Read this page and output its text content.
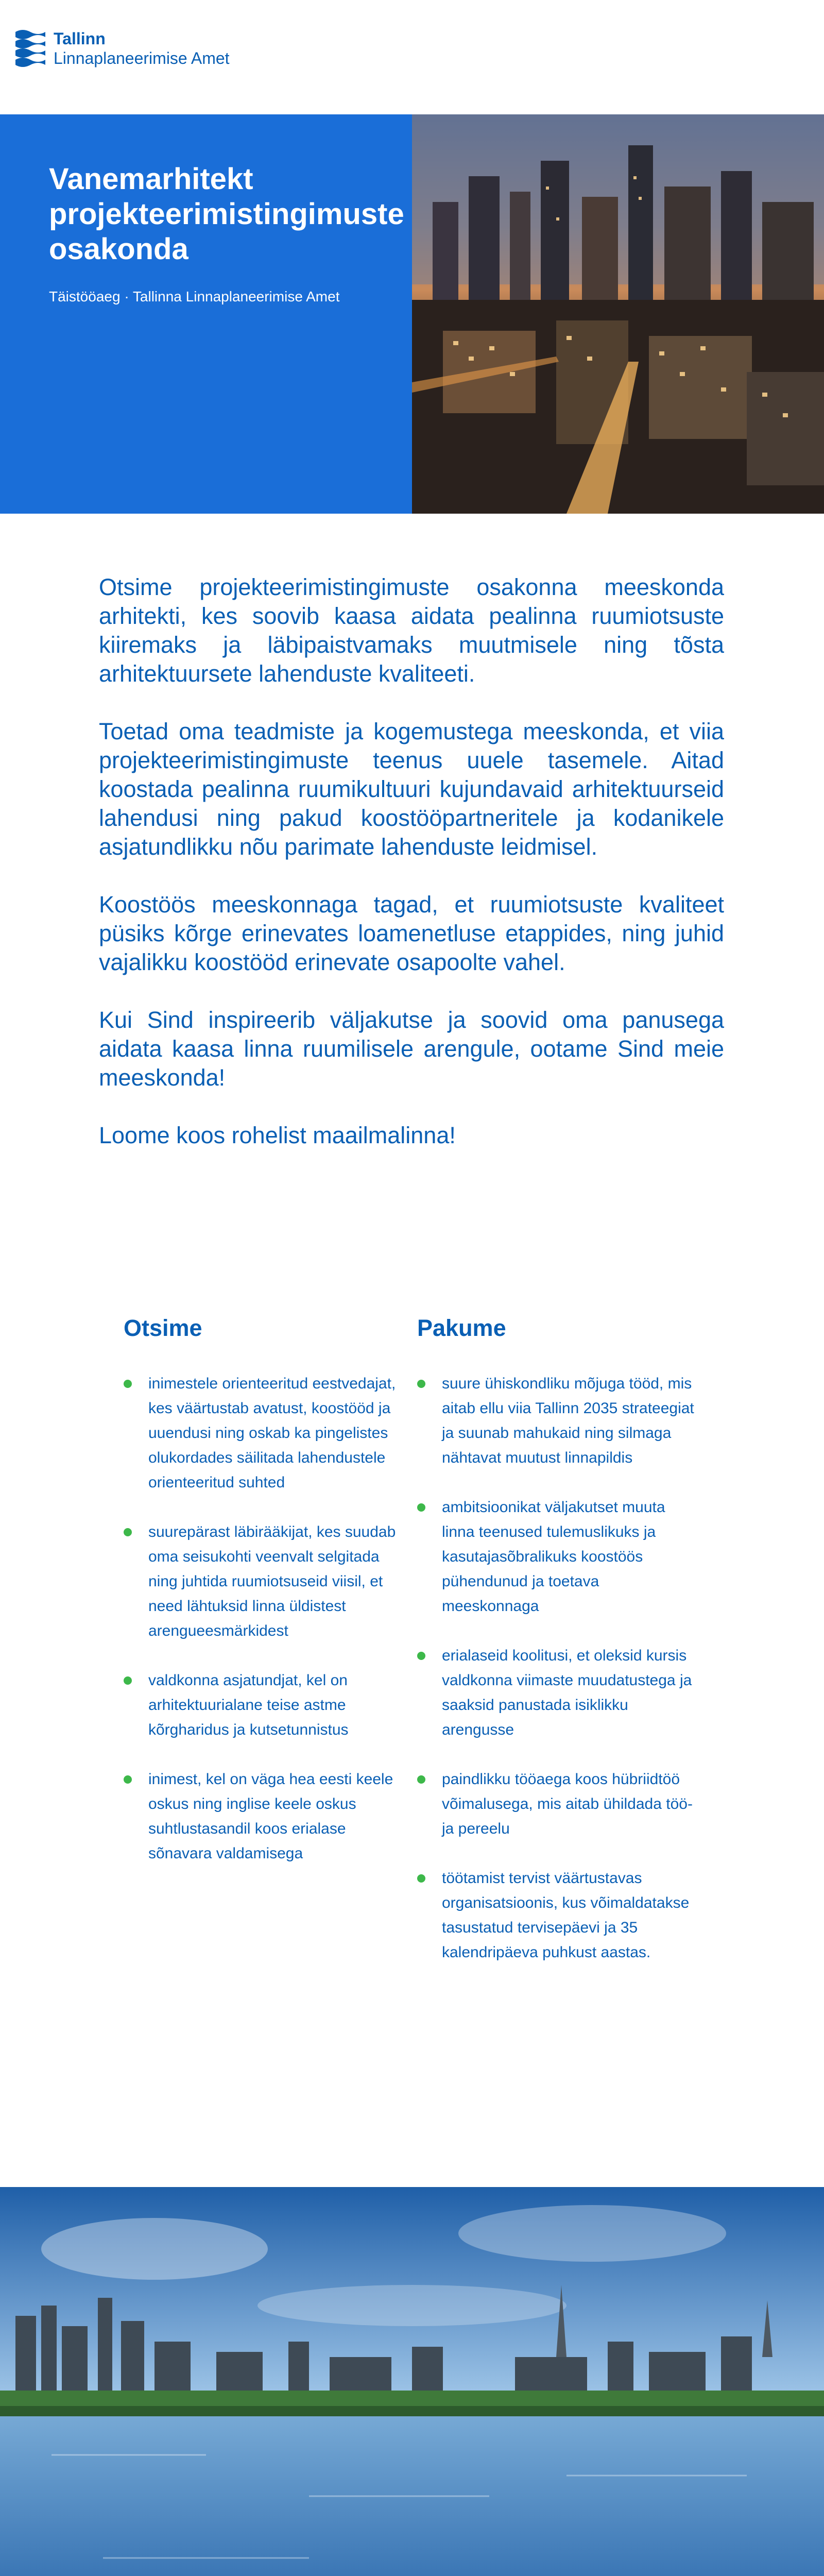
Tallinn
Linnaplaneerimise Amet
Vanemarhitekt projekteerimistingimuste osakonda
Täistööaeg · Tallinna Linnaplaneerimise Amet

Otsime projekteerimistingimuste osakonna meeskonda arhitekti, kes soovib kaasa aidata pealinna ruumiotsuste kiiremaks ja läbipaistvamaks muutmisele ning tõsta arhitektuursete lahenduste kvaliteeti.

Toetad oma teadmiste ja kogemustega meeskonda, et viia projekteerimistingimuste teenus uuele tasemele. Aitad koostada pealinna ruumikultuuri kujundavaid arhitektuurseid lahendusi ning pakud koostööpartneritele ja kodanikele asjatundlikku nõu parimate lahenduste leidmisel.

Koostöös meeskonnaga tagad, et ruumiotsuste kvaliteet püsiks kõrge erinevates loamenetluse etappides, ning juhid vajalikku koostööd erinevate osapoolte vahel.

Kui Sind inspireerib väljakutse ja soovid oma panusega aidata kaasa linna ruumilisele arengule, ootame Sind meie meeskonda!

Loome koos rohelist maailmalinna!

Otsime	Pakume
inimestele orienteeritud eestvedajat, kes väärtustab avatust, koostööd ja uuendusi ning oskab ka pingelistes olukordades säilitada lahendustele orienteeritud suhted
suurepärast läbirääkijat, kes suudab oma seisukohti veenvalt selgitada ning juhtida ruumiotsuseid viisil, et need lähtuksid linna üldistest arengueesmärkidest
valdkonna asjatundjat, kel on arhitektuurialane teise astme kõrgharidus ja kutsetunnistus
inimest, kel on väga hea eesti keele oskus ning inglise keele oskus suhtlustasandil koos erialase sõnavara valdamisega
suure ühiskondliku mõjuga tööd, mis aitab ellu viia Tallinn 2035 strateegiat ja suunab mahukaid ning silmaga nähtavat muutust linnapildis
ambitsioonikat väljakutset muuta linna teenused tulemuslikuks ja kasutajasõbralikuks koostöös pühendunud ja toetava meeskonnaga
erialaseid koolitusi, et oleksid kursis valdkonna viimaste muudatustega ja saaksid panustada isiklikku arengusse
paindlikku tööaega koos hübriidtöö võimalusega, mis aitab ühildada töö- ja pereelu
töötamist tervist väärtustavas organisatsioonis, kus võimaldatakse tasustatud tervisepäevi ja 35 kalendripäeva puhkust aastas.
